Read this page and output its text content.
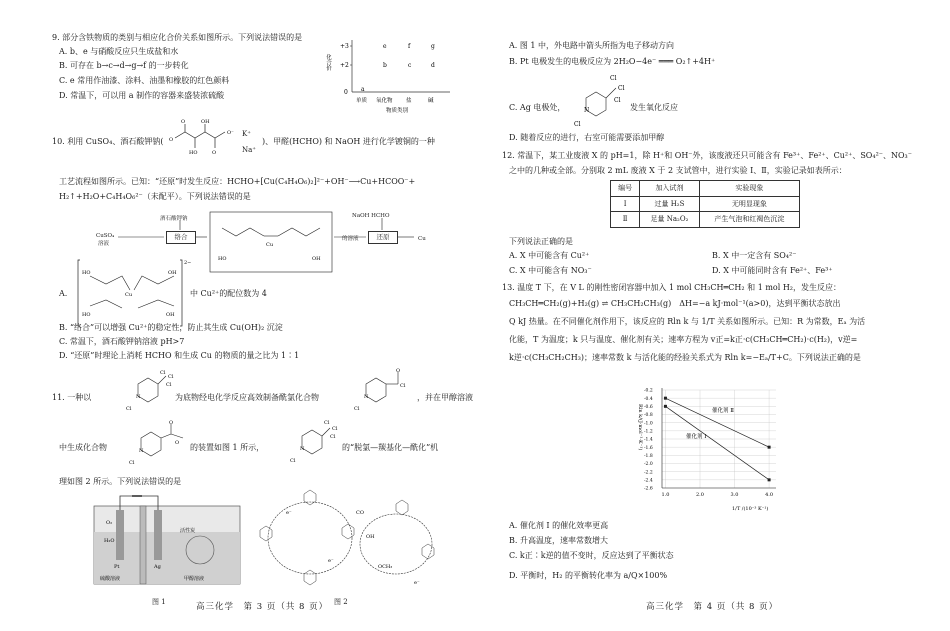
9. 部分含铁物质的类别与相应化合价关系如图所示。下列说法错误的是
A. b、e 与硝酸反应只生成盐和水
B. 可存在 b→c→d→g→f 的一步转化
C. e 常用作油漆、涂料、油墨和橡胶的红色颜料
D. 常温下，可以用 a 制作的容器来盛装浓硫酸
+3
+2
0
化合价
a
b	c	d
e	f	g
单质 氧化物 盐	碱
物质类别
10. 利用 CuSO₄、酒石酸钾钠( O
O
HO
OH
O
O⁻ K⁺
Na⁺
)、甲醛(HCHO) 和 NaOH 进行化学镀铜的一种
工艺流程如图所示。已知：“还原”时发生反应：HCHO+[Cu(C₄H₄O₆)₂]²⁻+OH⁻⟶Cu+HCOO⁻+
H₂↑+H₂O+C₄H₄O₆²⁻（未配平）。下列说法错误的是
CuSO₄
溶液
酒石酸钾钠
络合
Cu
HO	OH
NaOH HCHO
的溶液	还原	Cu
A.	Cu
HO	OH
HO	OH
2−
中 Cu²⁺的配位数为 4
B. “络合”可以增强 Cu²⁺的稳定性，防止其生成 Cu(OH)₂ 沉淀
C. 常温下，酒石酸钾钠溶液 pH>7
D. “还原”时理论上消耗 HCHO 和生成 Cu 的物质的量之比为 1∶1
11. 一种以
Cl
Cl
Cl
N
Cl
为底物经电化学反应高效制备酰氯化合物
O
Cl
N
Cl
，并在甲醇溶液
中生成化合物
O
O
N
Cl
的装置如图 1 所示，
Cl
Cl
Cl
N
Cl
的“脱氯—羰基化—酰化”机
理如图 2 所示。下列说法错误的是
Pt	Ag
O₂
H₂O
活性炭
硫酸溶液	甲醇溶液
图 1
OH
OCH₃
e⁻
e⁻
CO
e⁻
图 2
高三化学　第 3 页（共 8 页）
A. 图 1 中，外电路中箭头所指为电子移动方向
B. Pt 电极发生的电极反应为 2H₂O−4e⁻ ═══ O₂↑+4H⁺
C. Ag 电极处，
Cl
Cl
Cl
N
Cl
发生氧化反应
D. 随着反应的进行，右室可能需要添加甲醇
12. 常温下，某工业废液 X 的 pH=1，除 H⁺和 OH⁻外，该废液还只可能含有 Fe³⁺、Fe²⁺、Cu²⁺、SO₄²⁻、NO₃⁻
之中的几种或全部。分别取 2 mL 废液 X 于 2 支试管中，进行实验 Ⅰ、Ⅱ，实验记录如表所示：
编号	加入试剂	实验现象
Ⅰ	过量 H₂S	无明显现象
Ⅱ	足量 Na₂O₂	产生气泡和红褐色沉淀
下列说法正确的是
A. X 中可能含有 Cu²⁺	B. X 中一定含有 SO₄²⁻
C. X 中可能含有 NO₃⁻	D. X 中可能同时含有 Fe²⁺、Fe³⁺
13. 温度 T 下，在 V L 的刚性密闭容器中加入 1 mol CH₃CH═CH₂ 和 1 mol H₂，发生反应：
CH₃CH═CH₂(g)+H₂(g) ⇌ CH₃CH₂CH₃(g)　ΔH=−a kJ·mol⁻¹(a>0)，达到平衡状态放出
Q kJ 热量。在不同催化剂作用下，该反应的 Rln k 与 1/T 关系如图所示。已知：R 为常数，Eₐ 为活
化能，T 为温度；k 只与温度、催化剂有关；速率方程为 v正=k正·c(CH₃CH═CH₂)·c(H₂)，v逆=
k逆·c(CH₃CH₂CH₃)；速率常数 k 与活化能的经验关系式为 Rln k=−Eₐ/T+C。下列说法正确的是
Rln k/(J·mol⁻¹·K⁻¹)
1/T /(10⁻³ K⁻¹)
催化剂 Ⅱ
催化剂 Ⅰ
-0.2
-0.4
-0.6
-0.8
-1.0
-1.2
-1.4
-1.6
-1.8
-2.0
-2.2
-2.4
-2.6
1.0	2.0	3.0	4.0
A. 催化剂 Ⅰ 的催化效率更高
B. 升高温度，速率常数增大
C. k正∶k逆的值不变时，反应达到了平衡状态
D. 平衡时，H₂ 的平衡转化率为 a/Q×100%
高三化学　第 4 页（共 8 页）
